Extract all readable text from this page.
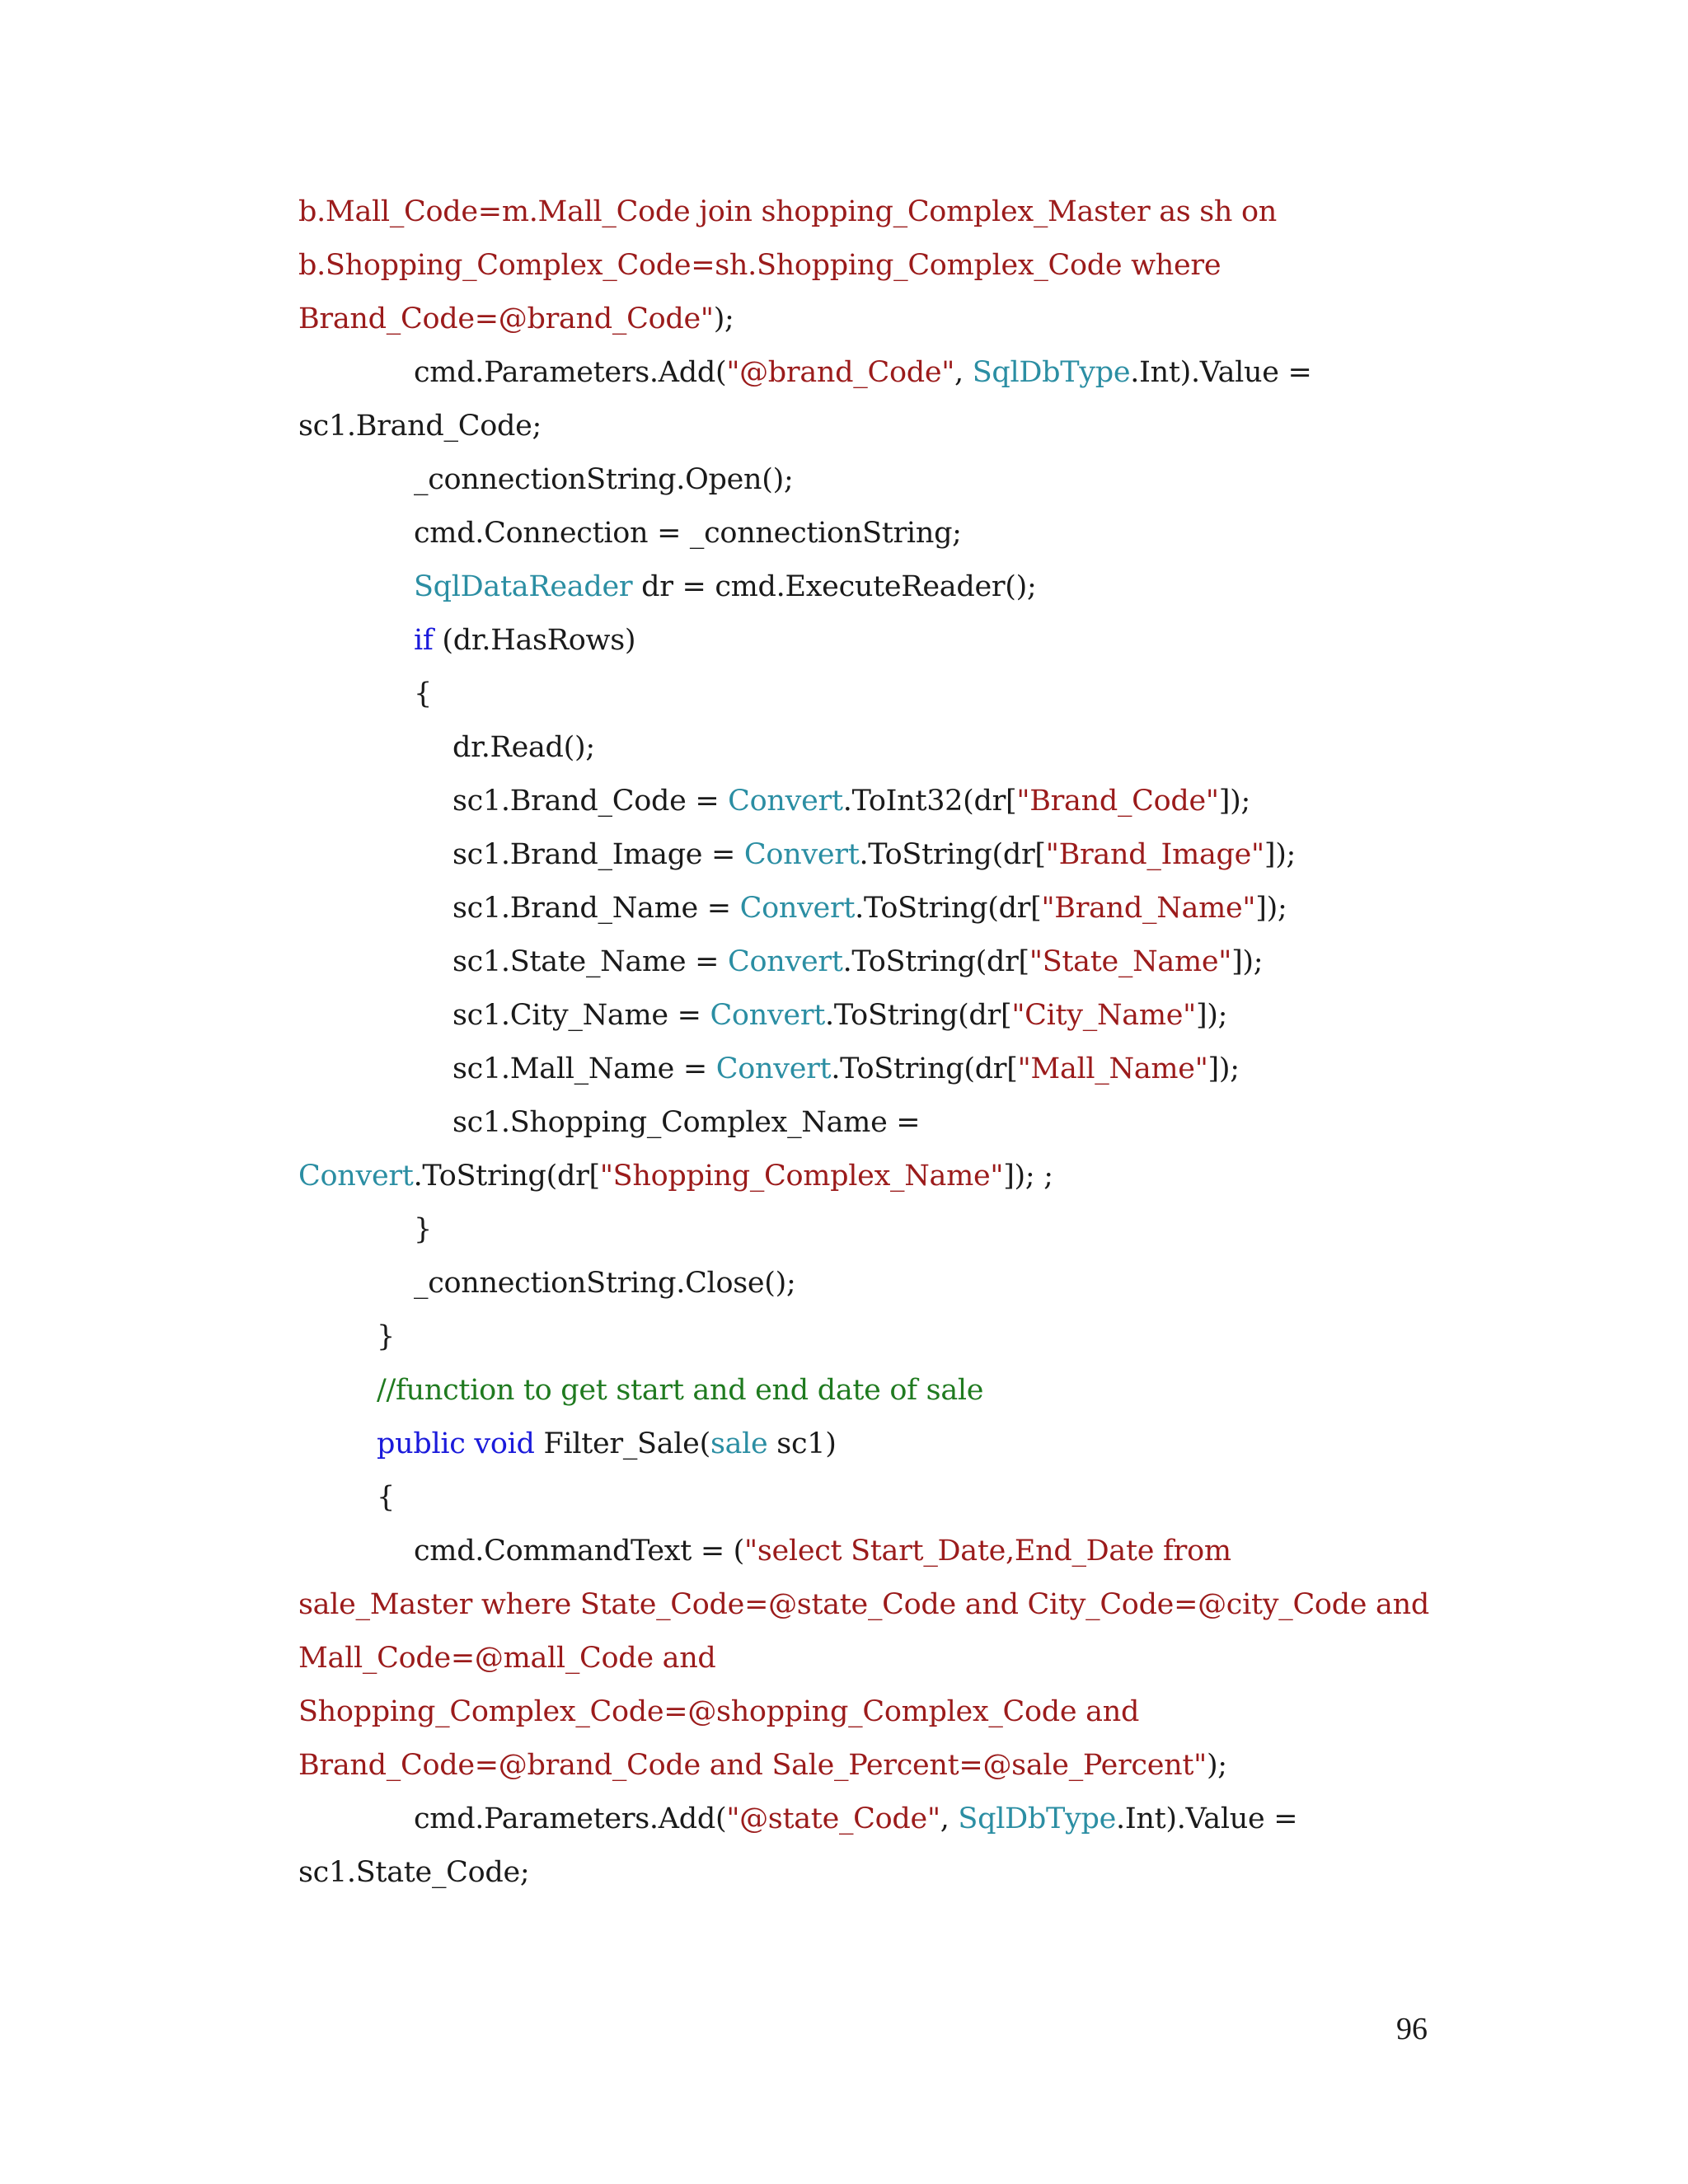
b.Mall_Code=m.Mall_Code join shopping_Complex_Master as sh on
b.Shopping_Complex_Code=sh.Shopping_Complex_Code where
Brand_Code=@brand_Code");
cmd.Parameters.Add("@brand_Code", SqlDbType.Int).Value =
sc1.Brand_Code;
_connectionString.Open();
cmd.Connection = _connectionString;
SqlDataReader dr = cmd.ExecuteReader();
if (dr.HasRows)
{
dr.Read();
sc1.Brand_Code = Convert.ToInt32(dr["Brand_Code"]);
sc1.Brand_Image = Convert.ToString(dr["Brand_Image"]);
sc1.Brand_Name = Convert.ToString(dr["Brand_Name"]);
sc1.State_Name = Convert.ToString(dr["State_Name"]);
sc1.City_Name = Convert.ToString(dr["City_Name"]);
sc1.Mall_Name = Convert.ToString(dr["Mall_Name"]);
sc1.Shopping_Complex_Name =
Convert.ToString(dr["Shopping_Complex_Name"]); ;
}
_connectionString.Close();
}
//function to get start and end date of sale
public void Filter_Sale(sale sc1)
{
cmd.CommandText = ("select Start_Date,End_Date from
sale_Master where State_Code=@state_Code and City_Code=@city_Code and
Mall_Code=@mall_Code and
Shopping_Complex_Code=@shopping_Complex_Code and
Brand_Code=@brand_Code and Sale_Percent=@sale_Percent");
cmd.Parameters.Add("@state_Code", SqlDbType.Int).Value =
sc1.State_Code;
96
